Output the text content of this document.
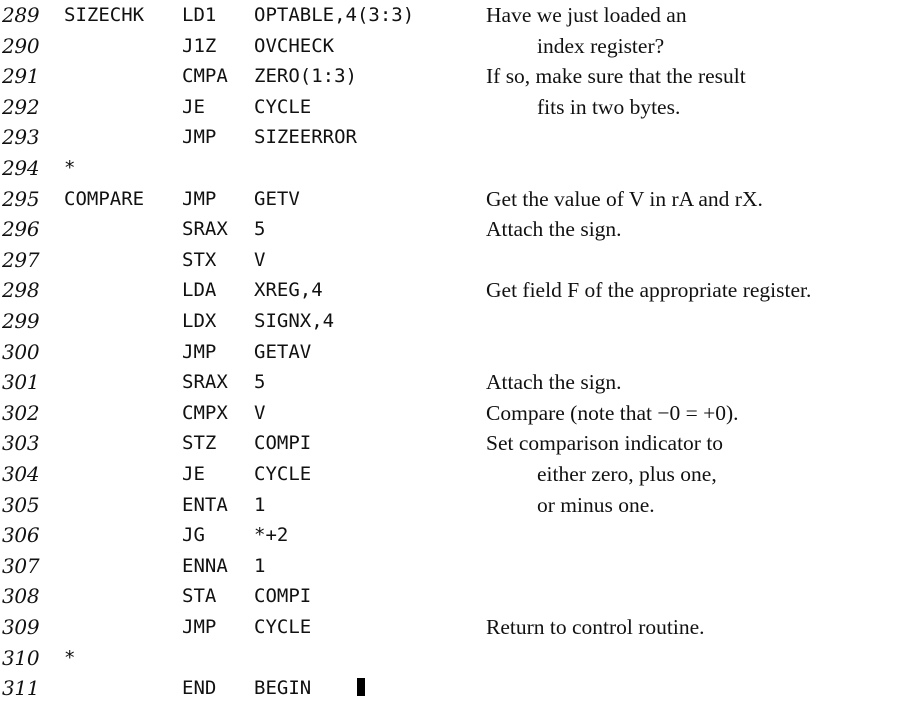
289 SIZECHK LD1 OPTABLE,4(3:3)	Have we just loaded an
290	J1Z OVCHECK	index register?
291	CMPA ZERO(1:3)	If so, make sure that the result
292	JE	CYCLE	fits in two bytes.
293	JMP SIZEERROR
294 *
295 COMPARE JMP GETV	Get the value of V in rA and rX.
296	SRAX 5	Attach the sign.
297	STX V
298	LDA XREG,4	Get field F of the appropriate register.
299	LDX SIGNX,4
300	JMP GETAV
301	SRAX 5	Attach the sign.
302	CMPX V	Compare (note that −0 = +0).
303	STZ COMPI	Set comparison indicator to
304	JE	CYCLE	either zero, plus one,
305	ENTA 1	or minus one.
306	JG	*+2
307	ENNA 1
308	STA COMPI
309	JMP CYCLE	Return to control routine.
310 *
311	END BEGIN
